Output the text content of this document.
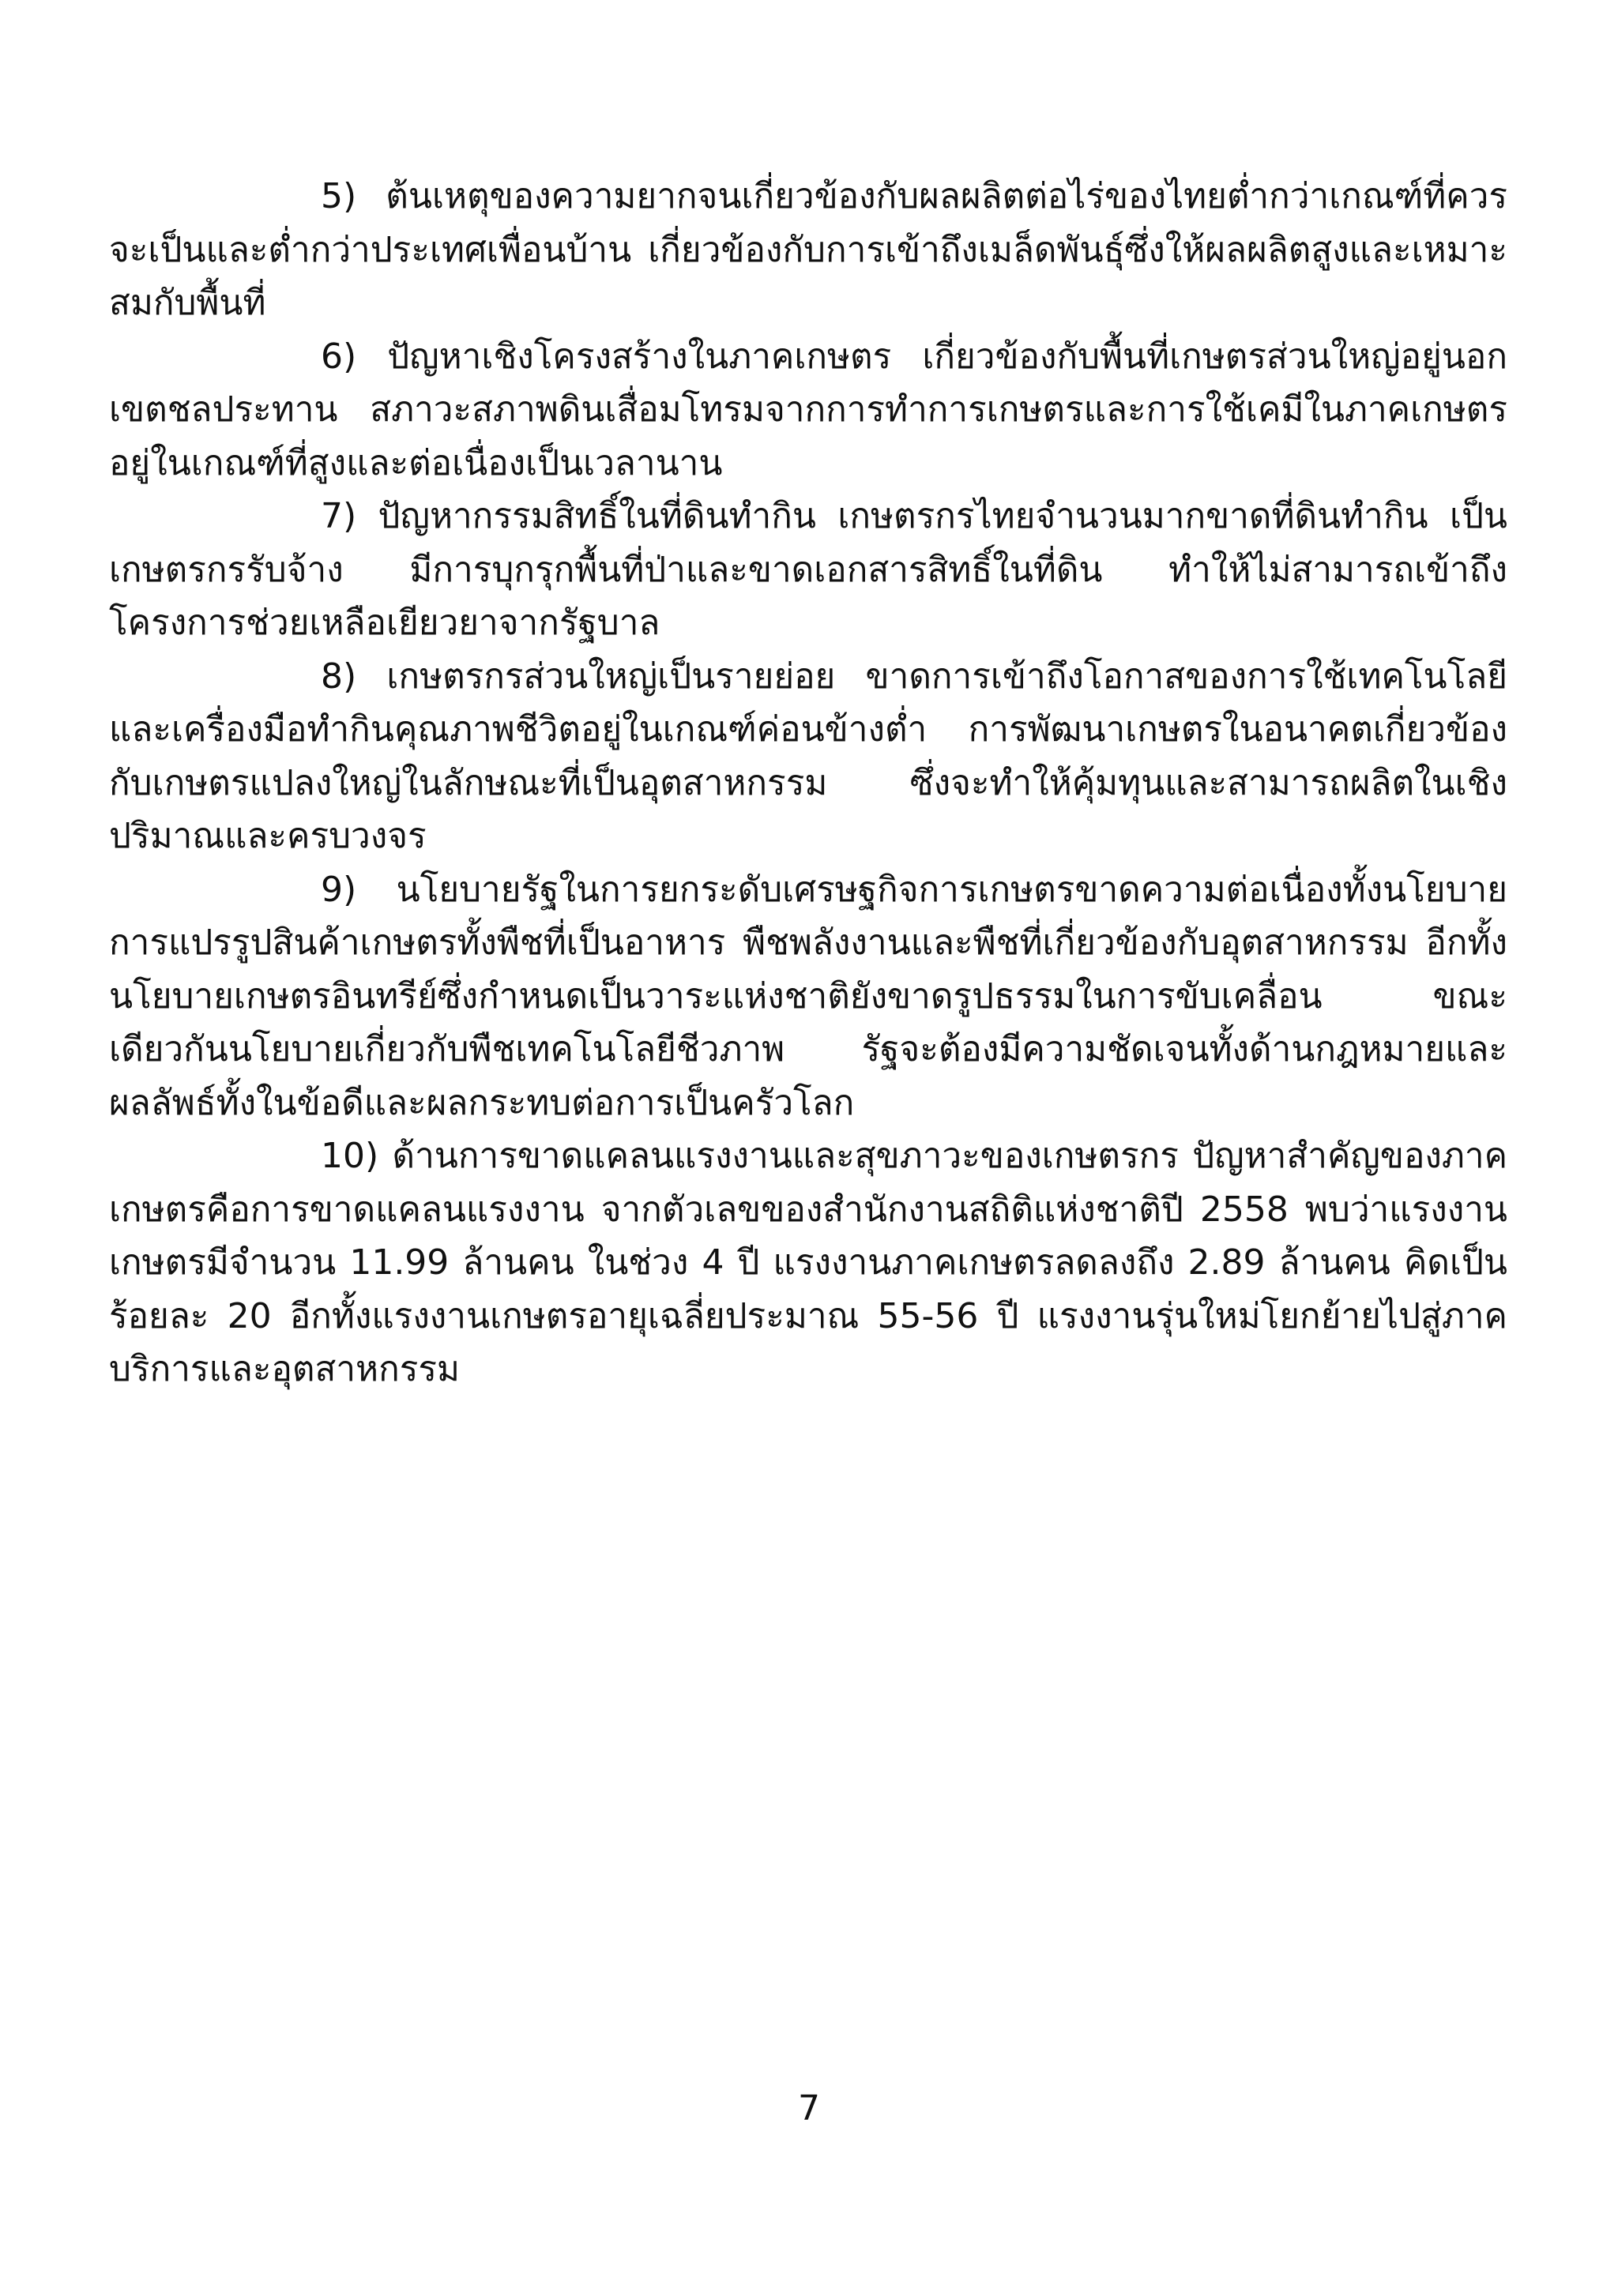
5) ต้นเหตุของความยากจนเกี่ยวข้องกับผลผลิตต่อไร่ของไทยต่ำกว่าเกณฑ์ที่ควรจะเป็นและต่ำกว่าประเทศเพื่อนบ้าน เกี่ยวข้องกับการเข้าถึงเมล็ดพันธุ์ซึ่งให้ผลผลิตสูงและเหมาะสมกับพื้นที่

6) ปัญหาเชิงโครงสร้างในภาคเกษตร เกี่ยวข้องกับพื้นที่เกษตรส่วนใหญ่อยู่นอกเขตชลประทาน สภาวะสภาพดินเสื่อมโทรมจากการทำการเกษตรและการใช้เคมีในภาคเกษตรอยู่ในเกณฑ์ที่สูงและต่อเนื่องเป็นเวลานาน

7) ปัญหากรรมสิทธิ์ในที่ดินทำกิน เกษตรกรไทยจำนวนมากขาดที่ดินทำกิน เป็นเกษตรกรรับจ้าง มีการบุกรุกพื้นที่ป่าและขาดเอกสารสิทธิ์ในที่ดิน ทำให้ไม่สามารถเข้าถึงโครงการช่วยเหลือเยียวยาจากรัฐบาล

8) เกษตรกรส่วนใหญ่เป็นรายย่อย ขาดการเข้าถึงโอกาสของการใช้เทคโนโลยีและเครื่องมือทำกินคุณภาพชีวิตอยู่ในเกณฑ์ค่อนข้างต่ำ การพัฒนาเกษตรในอนาคตเกี่ยวข้องกับเกษตรแปลงใหญ่ในลักษณะที่เป็นอุตสาหกรรม ซึ่งจะทำให้คุ้มทุนและสามารถผลิตในเชิงปริมาณและครบวงจร

9) นโยบายรัฐในการยกระดับเศรษฐกิจการเกษตรขาดความต่อเนื่องทั้งนโยบายการแปรรูปสินค้าเกษตรทั้งพืชที่เป็นอาหาร พืชพลังงานและพืชที่เกี่ยวข้องกับอุตสาหกรรม อีกทั้งนโยบายเกษตรอินทรีย์ซึ่งกำหนดเป็นวาระแห่งชาติยังขาดรูปธรรมในการขับเคลื่อน ขณะเดียวกันนโยบายเกี่ยวกับพืชเทคโนโลยีชีวภาพ รัฐจะต้องมีความชัดเจนทั้งด้านกฎหมายและผลลัพธ์ทั้งในข้อดีและผลกระทบต่อการเป็นครัวโลก

10) ด้านการขาดแคลนแรงงานและสุขภาวะของเกษตรกร ปัญหาสำคัญของภาคเกษตรคือการขาดแคลนแรงงาน จากตัวเลขของสำนักงานสถิติแห่งชาติปี 2558 พบว่าแรงงานเกษตรมีจำนวน 11.99 ล้านคน ในช่วง 4 ปี แรงงานภาคเกษตรลดลงถึง 2.89 ล้านคน คิดเป็นร้อยละ 20 อีกทั้งแรงงานเกษตรอายุเฉลี่ยประมาณ 55-56 ปี แรงงานรุ่นใหม่โยกย้ายไปสู่ภาคบริการและอุตสาหกรรม

7
